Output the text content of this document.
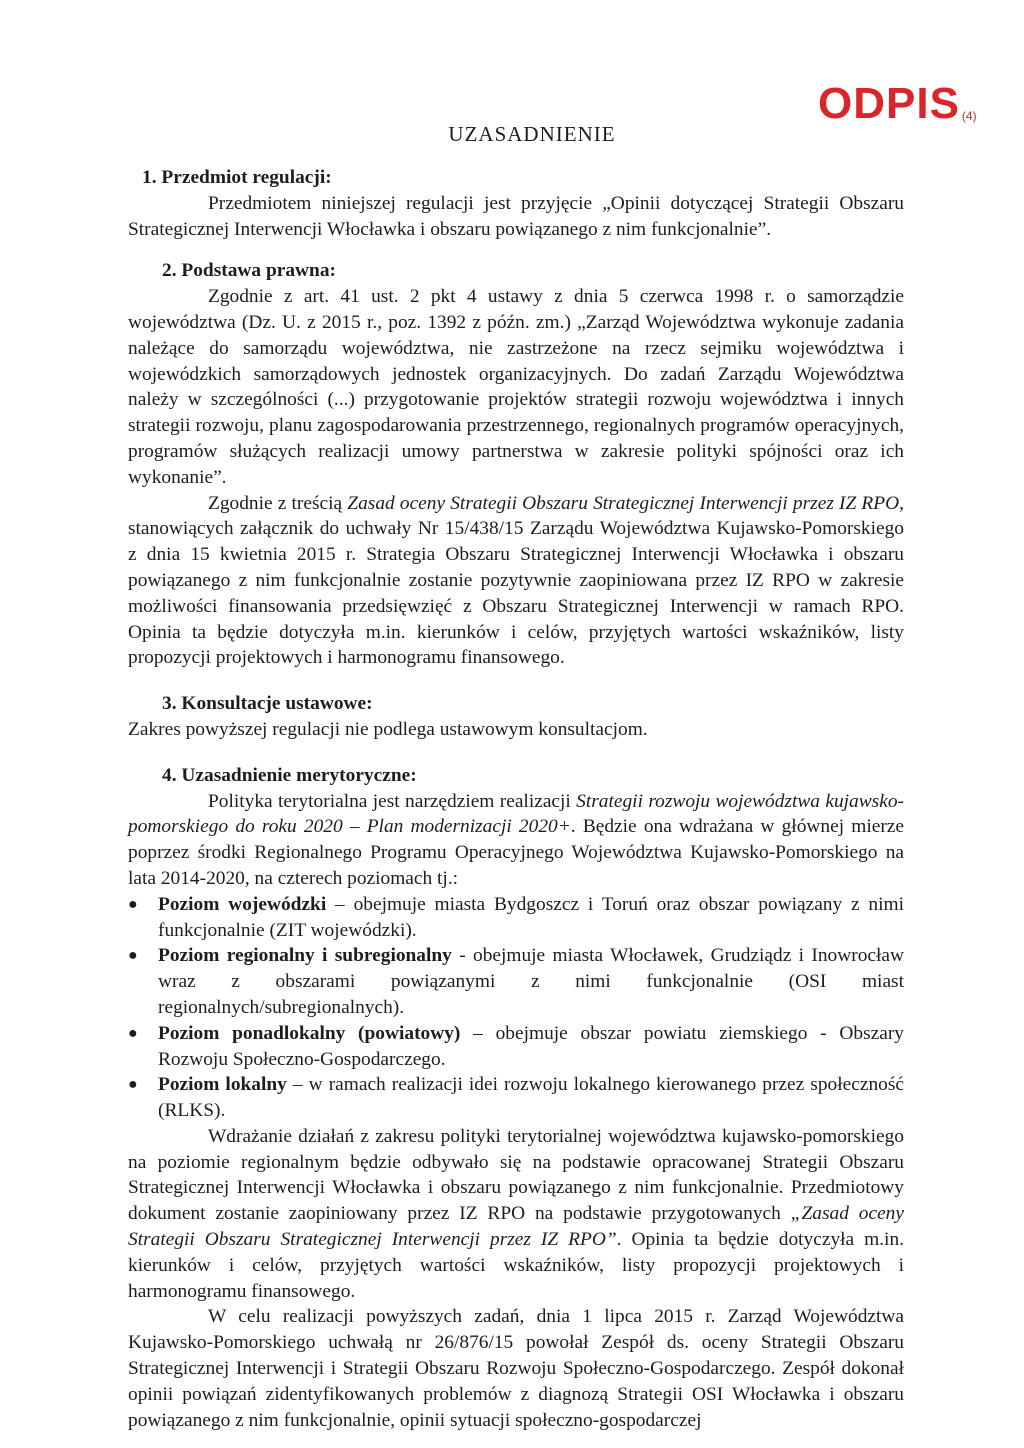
ODPIS (4)
UZASADNIENIE
1. Przedmiot regulacji:

Przedmiotem niniejszej regulacji jest przyjęcie „Opinii dotyczącej Strategii Obszaru Strategicznej Interwencji Włocławka i obszaru powiązanego z nim funkcjonalnie”.

2. Podstawa prawna:

Zgodnie z art. 41 ust. 2 pkt 4 ustawy z dnia 5 czerwca 1998 r. o samorządzie województwa (Dz. U. z 2015 r., poz. 1392 z późn. zm.) „Zarząd Województwa wykonuje zadania należące do samorządu województwa, nie zastrzeżone na rzecz sejmiku województwa i wojewódzkich samorządowych jednostek organizacyjnych. Do zadań Zarządu Województwa należy w szczególności (...) przygotowanie projektów strategii rozwoju województwa i innych strategii rozwoju, planu zagospodarowania przestrzennego, regionalnych programów operacyjnych, programów służących realizacji umowy partnerstwa w zakresie polityki spójności oraz ich wykonanie”.

Zgodnie z treścią Zasad oceny Strategii Obszaru Strategicznej Interwencji przez IZ RPO, stanowiących załącznik do uchwały Nr 15/438/15 Zarządu Województwa Kujawsko-Pomorskiego z dnia 15 kwietnia 2015 r. Strategia Obszaru Strategicznej Interwencji Włocławka i obszaru powiązanego z nim funkcjonalnie zostanie pozytywnie zaopiniowana przez IZ RPO w zakresie możliwości finansowania przedsięwzięć z Obszaru Strategicznej Interwencji w ramach RPO. Opinia ta będzie dotyczyła m.in. kierunków i celów, przyjętych wartości wskaźników, listy propozycji projektowych i harmonogramu finansowego.

3. Konsultacje ustawowe:

Zakres powyższej regulacji nie podlega ustawowym konsultacjom.

4. Uzasadnienie merytoryczne:

Polityka terytorialna jest narzędziem realizacji Strategii rozwoju województwa kujawsko-pomorskiego do roku 2020 – Plan modernizacji 2020+. Będzie ona wdrażana w głównej mierze poprzez środki Regionalnego Programu Operacyjnego Województwa Kujawsko-Pomorskiego na lata 2014-2020, na czterech poziomach tj.:

●	Poziom wojewódzki – obejmuje miasta Bydgoszcz i Toruń oraz obszar powiązany z nimi funkcjonalnie (ZIT wojewódzki).

●	Poziom regionalny i subregionalny - obejmuje miasta Włocławek, Grudziądz i Inowrocław wraz z obszarami powiązanymi z nimi funkcjonalnie (OSI miast regionalnych/subregionalnych).

●	Poziom ponadlokalny (powiatowy) – obejmuje obszar powiatu ziemskiego - Obszary Rozwoju Społeczno-Gospodarczego.

●	Poziom lokalny – w ramach realizacji idei rozwoju lokalnego kierowanego przez społeczność (RLKS).

Wdrażanie działań z zakresu polityki terytorialnej województwa kujawsko-pomorskiego na poziomie regionalnym będzie odbywało się na podstawie opracowanej Strategii Obszaru Strategicznej Interwencji Włocławka i obszaru powiązanego z nim funkcjonalnie. Przedmiotowy dokument zostanie zaopiniowany przez IZ RPO na podstawie przygotowanych „Zasad oceny Strategii Obszaru Strategicznej Interwencji przez IZ RPO”. Opinia ta będzie dotyczyła m.in. kierunków i celów, przyjętych wartości wskaźników, listy propozycji projektowych i harmonogramu finansowego.

W celu realizacji powyższych zadań, dnia 1 lipca 2015 r. Zarząd Województwa Kujawsko-Pomorskiego uchwałą nr 26/876/15 powołał Zespół ds. oceny Strategii Obszaru Strategicznej Interwencji i Strategii Obszaru Rozwoju Społeczno-Gospodarczego. Zespół dokonał opinii powiązań zidentyfikowanych problemów z diagnozą Strategii OSI Włocławka i obszaru powiązanego z nim funkcjonalnie, opinii sytuacji społeczno-gospodarczej
